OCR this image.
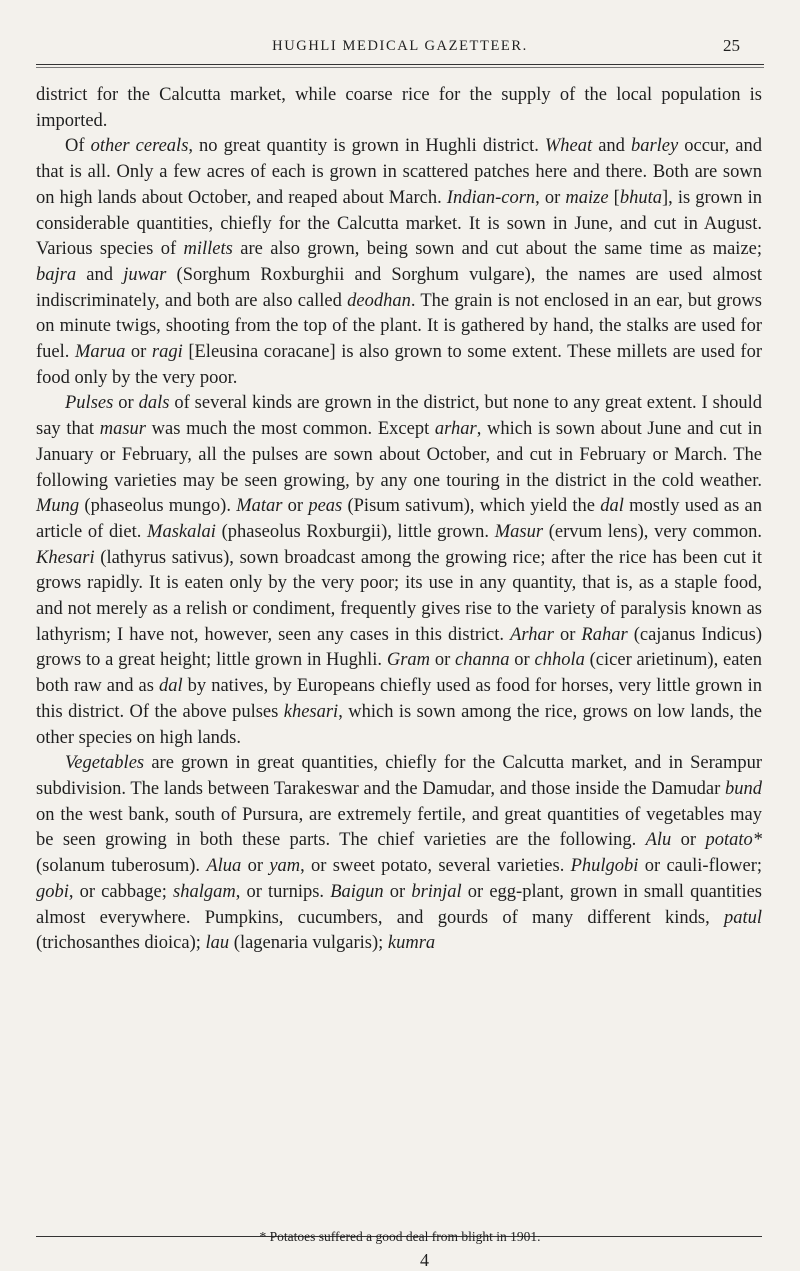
HUGHLI MEDICAL GAZETTEER.	25

district for the Calcutta market, while coarse rice for the supply of the local population is imported.

Of other cereals, no great quantity is grown in Hughli district. Wheat and barley occur, and that is all. Only a few acres of each is grown in scattered patches here and there. Both are sown on high lands about October, and reaped about March. Indian-corn, or maize [bhuta], is grown in considerable quantities, chiefly for the Calcutta market. It is sown in June, and cut in August. Various species of millets are also grown, being sown and cut about the same time as maize; bajra and juwar (Sorghum Roxburghii and Sorghum vulgare), the names are used almost indiscriminately, and both are also called deodhan. The grain is not enclosed in an ear, but grows on minute twigs, shooting from the top of the plant. It is gathered by hand, the stalks are used for fuel. Marua or ragi [Eleusina coracane] is also grown to some extent. These millets are used for food only by the very poor.

Pulses or dals of several kinds are grown in the district, but none to any great extent. I should say that masur was much the most common. Except arhar, which is sown about June and cut in January or February, all the pulses are sown about October, and cut in February or March. The following varieties may be seen growing, by any one touring in the district in the cold weather. Mung (phaseolus mungo). Matar or peas (Pisum sativum), which yield the dal mostly used as an article of diet. Maskalai (phaseolus Roxburgii), little grown. Masur (ervum lens), very common. Khesari (lathyrus sativus), sown broadcast among the growing rice; after the rice has been cut it grows rapidly. It is eaten only by the very poor; its use in any quantity, that is, as a staple food, and not merely as a relish or condiment, frequently gives rise to the variety of paralysis known as lathyrism; I have not, however, seen any cases in this district. Arhar or Rahar (cajanus Indicus) grows to a great height; little grown in Hughli. Gram or channa or chhola (cicer arietinum), eaten both raw and as dal by natives, by Europeans chiefly used as food for horses, very little grown in this district. Of the above pulses khesari, which is sown among the rice, grows on low lands, the other species on high lands.

Vegetables are grown in great quantities, chiefly for the Calcutta market, and in Serampur subdivision. The lands between Tarakeswar and the Damudar, and those inside the Damudar bund on the west bank, south of Pursura, are extremely fertile, and great quantities of vegetables may be seen growing in both these parts. The chief varieties are the following. Alu or potato* (solanum tuberosum). Alua or yam, or sweet potato, several varieties. Phulgobi or cauli-flower; gobi, or cabbage; shalgam, or turnips. Baigun or brinjal or egg-plant, grown in small quantities almost everywhere. Pumpkins, cucumbers, and gourds of many different kinds, patul (trichosanthes dioica); lau (lagenaria vulgaris); kumra

* Potatoes suffered a good deal from blight in 1901.
4
